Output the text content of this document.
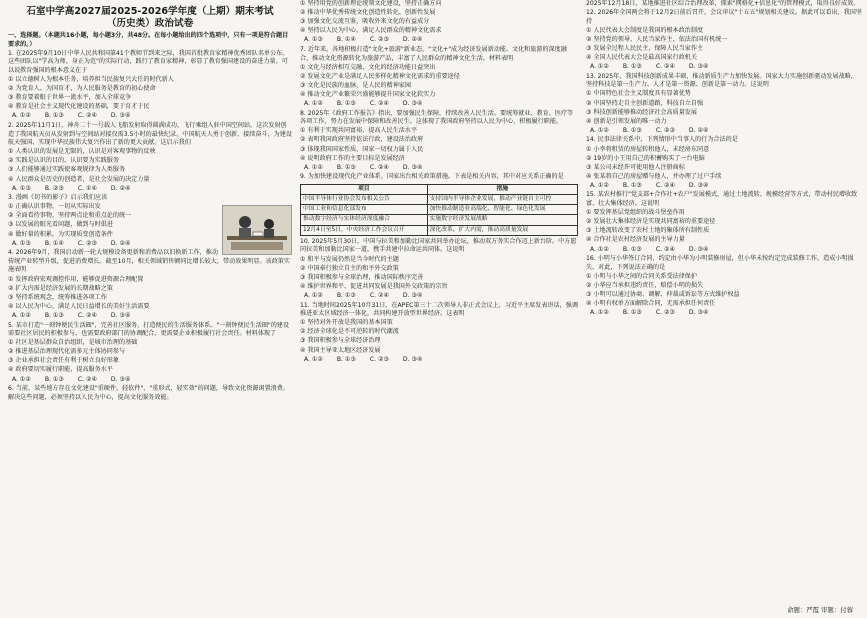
石室中学高2027届2025-2026学年度（上期）期末考试
（历史类）政治试卷
一、选择题。（本题共16小题，每小题3分，共48分。在每小题给出的四个选项中，只有一项是符合题目要求的。）
1. 在2025年9月10日中华人民共和国第41个教师节到来之际，我国首批教育家精神优秀团队名单公布。这些团队以"学高为师、身正为范"的实际行动，践行了教育家精神，彰显了教育强国建设的奋进力量。可以说教育强国的根本意义在于
① 以立德树人为根本任务，培养担当民族复兴大任的时代新人
② 为党育人、为国育才，为人民服务是教育的初心使命
③ 教育要着眼于世界一流水平，加入全球竞争
④ 教育是社会主义现代化建设的基础，要于育才于民
A. ①② B. ①③ C. ②④ D. ③④
2. 2025年11月1日，神舟二十一号载人飞船发射取得圆满成功，飞行乘组入驻中国空间站。这次发射创造了我国航天员从发射到与空间站对接仅需3.5小时的最快纪录。中国航天人勇于创新、接续奋斗，为建设航天强国、实现中华民族伟大复兴作出了新的更大贡献。这启示我们
① 人类认识的发展是无限的，认识是对客观事物的反映
② 实践是认识的目的，认识要为实践服务
③ 人们能够通过实践使客观规律为人类服务
④ 人民群众是历史的创造者，是社会发展的决定力量
A. ①③ B. ②③ C. ①④ D. ②④
3. 漫画《切书的影子》启示我们应该
① 正确认识事物，一切从实际出发
② 全面看待事物，坚持两点论和重点论的统一
③ 以发展的眼光看问题，做到与时俱进
④ 做好量的积累，为实现质变创造条件
A. ①③ B. ①④ C. ②③ D. ②④
4. 2026年9月，我国启动新一轮大规模设备更新和消费品以旧换新工作，推动传统产业转型升级，促进消费增长。截至10月，相关领域销售额同比增长较大，带动效果明显。该政策实施表明
① 发挥政府宏观调控作用，能够促进资源合理配置
② 扩大内需是经济发展的长期战略之策
③ 坚持系统观念，统筹推进各项工作
④ 以人民为中心，满足人民日益增长的美好生活需要
A. ①② B. ①③ C. ②④ D. ③④
5. 某市打造"一刻钟便民生活圈"，完善社区服务，打造便民的生活服务体系。"一刻钟便民生活圈"的建设需要社区居民的积极参与，也需要政府部门的协调配合，更需要企业积极履行社会责任。材料体现了
① 社区是基层群众自治组织，是城市治理的基础
② 推进基层治理现代化需多元主体协同参与
③ 企业承担社会责任有利于树立良好形象
④ 政府要切实履行职能，提高服务水平
A. ①② B. ①③ C. ②④ D. ③④
6. 当前，某些地方存在文化建设"重硬件、轻软件"、"重形式、轻实效"的问题，导致文化资源闲置浪费。解决这些问题，必须坚持以人民为中心，提高文化服务效能。
① 坚持用党的创新理论统领文化建设，坚持正确方向
② 推动中华优秀传统文化创造性转化、创新性发展
③ 加强文化交流互鉴，吸收外来文化的有益成分
④ 坚持以人民为中心，满足人民群众的精神文化需求
A. ①③ B. ①④ C. ②③ D. ②④
7. 近年来，各地积极打造"文化+旅游"新业态，"文化+"成为经济发展新动能。文化和旅游的深度融合，推动文化资源转化为旅游产品，丰富了人民群众的精神文化生活。材料表明
① 文化与经济相互交融，文化的经济功能日益突出
② 发展文化产业是满足人民多样化精神文化需求的重要途径
③ 文化是民族的血脉，是人民的精神家园
④ 推动文化产业繁荣兴盛能够提升国家文化软实力
A. ①② B. ①③ C. ②④ D. ③④
8. 2025年《政府工作报告》指出，要加强民生保障，持续改善人民生活。要统筹就业、教育、医疗等各项工作，努力在发展中保障和改善民生。这体现了我国政府坚持以人民为中心，积极履行职能。
① 有利于实现共同富裕，提高人民生活水平
② 表明我国政府坚持依法行政，建设法治政府
③ 体现我国国家性质，国家一切权力属于人民
④ 说明政府工作的主要目标是发展经济
A. ①② B. ①③ C. ②④ D. ③④
9. 为加快建设现代化产业体系，国家出台相关政策措施。下表是相关内容，其中对应关系正确的是
项目	措施
中国半导体行业协会发布相关公告	支持国内半导体企业发展，推动产业链自主可控
中国工业和信息化部发布	加快推动制造业高端化、智能化、绿色化发展
推动数字经济与实体经济深度融合	实施数字经济发展战略
12月4日至5日，中央经济工作会议召开	深化改革，扩大内需，推动高质量发展
10. 2025年5月30日，中国与拉美和加勒比国家共同举办论坛，推动双方务实合作迈上新台阶。中方愿同拉美和加勒比国家一道，携手共建中拉命运共同体。这说明
① 和平与发展仍然是当今时代的主题
② 中国奉行独立自主的和平外交政策
③ 我国积极参与全球治理，推动国际秩序完善
④ 维护世界和平、促进共同发展是我国外交政策的宗旨
A. ①② B. ①③ C. ②④ D. ③④
11. 当地时间2025年10月31日，在APEC第三十二次领导人非正式会议上，习近平主席发表讲话，强调推进亚太区域经济一体化，共同构建开放型世界经济。这表明
① 坚持对外开放是我国的基本国策
② 经济全球化是不可逆转的时代潮流
③ 我国积极参与全球经济治理
④ 我国主导亚太地区经济发展
A. ①② B. ①③ C. ②③ D. ③④
2025年12月18日，某地推进社区综合治理改革，探索"网格化+信息化"的管理模式，取得良好成效。
12. 2026年全国两会将于12月2日前后召开，会议审议"十五五"规划相关建议。据此可以看出，我国坚持
① 人民代表大会制度是我国的根本政治制度
② 坚持党的领导、人民当家作主、依法治国有机统一
③ 发展全过程人民民主，保障人民当家作主
④ 全国人民代表大会是最高国家行政机关
A. ①② B. ①③ C. ②④ D. ③④
13. 2025年，我国科技创新成果丰硕，推动新质生产力加快发展。国家大力实施创新驱动发展战略，坚持科技是第一生产力、人才是第一资源、创新是第一动力。这说明
① 中国特色社会主义制度具有显著优势
② 中国坚持走自主创新道路，科技自立自强
③ 科技创新能够推动经济社会高质量发展
④ 创新是引领发展的唯一动力
A. ①② B. ①③ C. ②③ D. ②④
14. 民事法律关系中，下列情形中当事人的行为合法的是
① 小李将租赁的房屋转租他人，未经房东同意
② 19岁的小王用自己的积蓄购买了一台电脑
③ 某公司未经许可使用他人注册商标
④ 张某将自己的房屋赠与他人，并办理了过户手续
A. ①② B. ①③ C. ②④ D. ③④
15. 某农村推行"党支部+合作社+农户"发展模式，通过土地流转、规模经营等方式，带动村民增收致富，壮大集体经济。这说明
① 要发挥基层党组织的战斗堡垒作用
② 发展壮大集体经济是实现共同富裕的重要途径
③ 土地流转改变了农村土地的集体所有制性质
④ 合作社是农村经济发展的主导力量
A. ①② B. ①③ C. ②④ D. ③④
16. 小明与小华签订合同，约定由小华为小明装修房屋，但小华未按约定完成装修工作，造成小明损失。对此，下列说法正确的是
① 小明与小华之间的合同关系受法律保护
② 小华应当承担违约责任，赔偿小明的损失
③ 小明可以通过协商、调解、仲裁或诉讼等方式维护权益
④ 小明有权单方面解除合同，无需承担任何责任
A. ①② B. ①③ C. ②③ D. ③④
命题：严霞 审题：付蓉
